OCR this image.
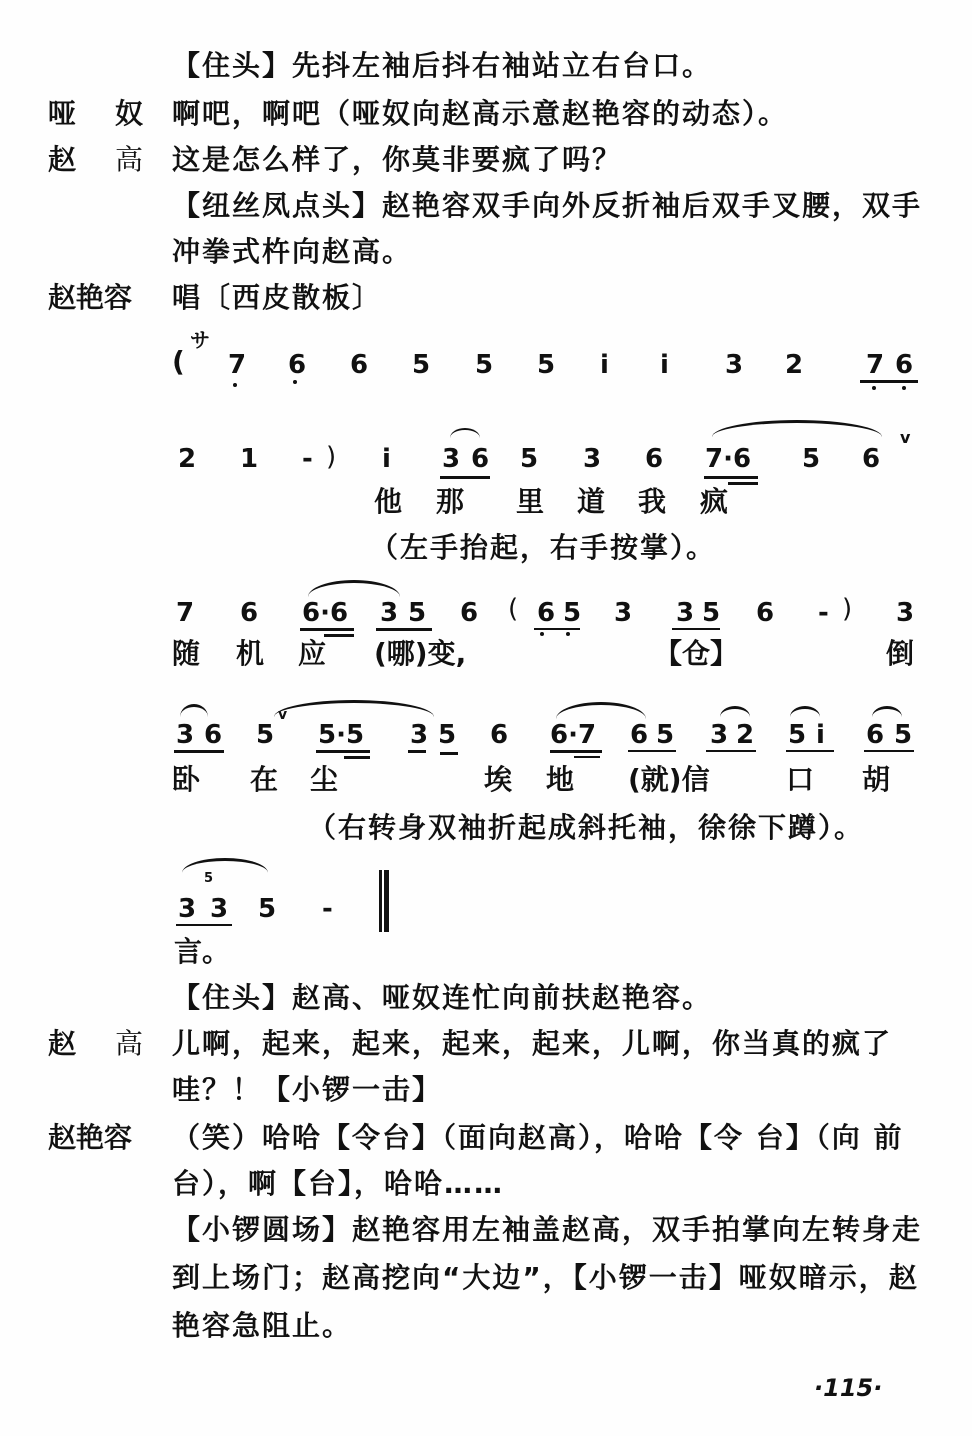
【住头】先抖左袖后抖右袖站立右台口。
哑 奴 啊吧，啊吧（哑奴向赵高示意赵艳容的动态）。
赵 高 这是怎么样了，你莫非要疯了吗？
【纽丝凤点头】赵艳容双手向外反折袖后双手叉腰，双手
冲拳式杵向赵高。
赵艳容 唱〔西皮散板〕
(
サ
7 6 6 5 5 5 i i 3 2 7 6
2 1 - ) i 3 6 5 3 6 7·6 5 6
v
他 那 里 道 我 疯
（左手抬起，右手按掌）。
7 6 6·6 3 5 6 ( 6 5 3 3 5 6 - ) 3
随 机 应 (哪)变,	【仓】	倒
3 6 5
v
5·5 3 5 6 6·7 6 5 3 2 5 i 6 5
卧 在 尘	埃 地 (就)信	口 胡
（右转身双袖折起成斜托袖，徐徐下蹲）。
5
3 3 5 -
言。
【住头】赵高、哑奴连忙向前扶赵艳容。
赵 高 儿啊，起来，起来，起来，起来，儿啊，你当真的疯了
哇？！【小锣一击】
赵艳容 （笑）哈哈【令台】（面向赵高），哈哈【令 台】（向 前
台），啊【台】，哈哈……
【小锣圆场】赵艳容用左袖盖赵高，双手拍掌向左转身走
到上场门；赵高挖向“大边”，【小锣一击】哑奴暗示，赵
艳容急阻止。
·115·
